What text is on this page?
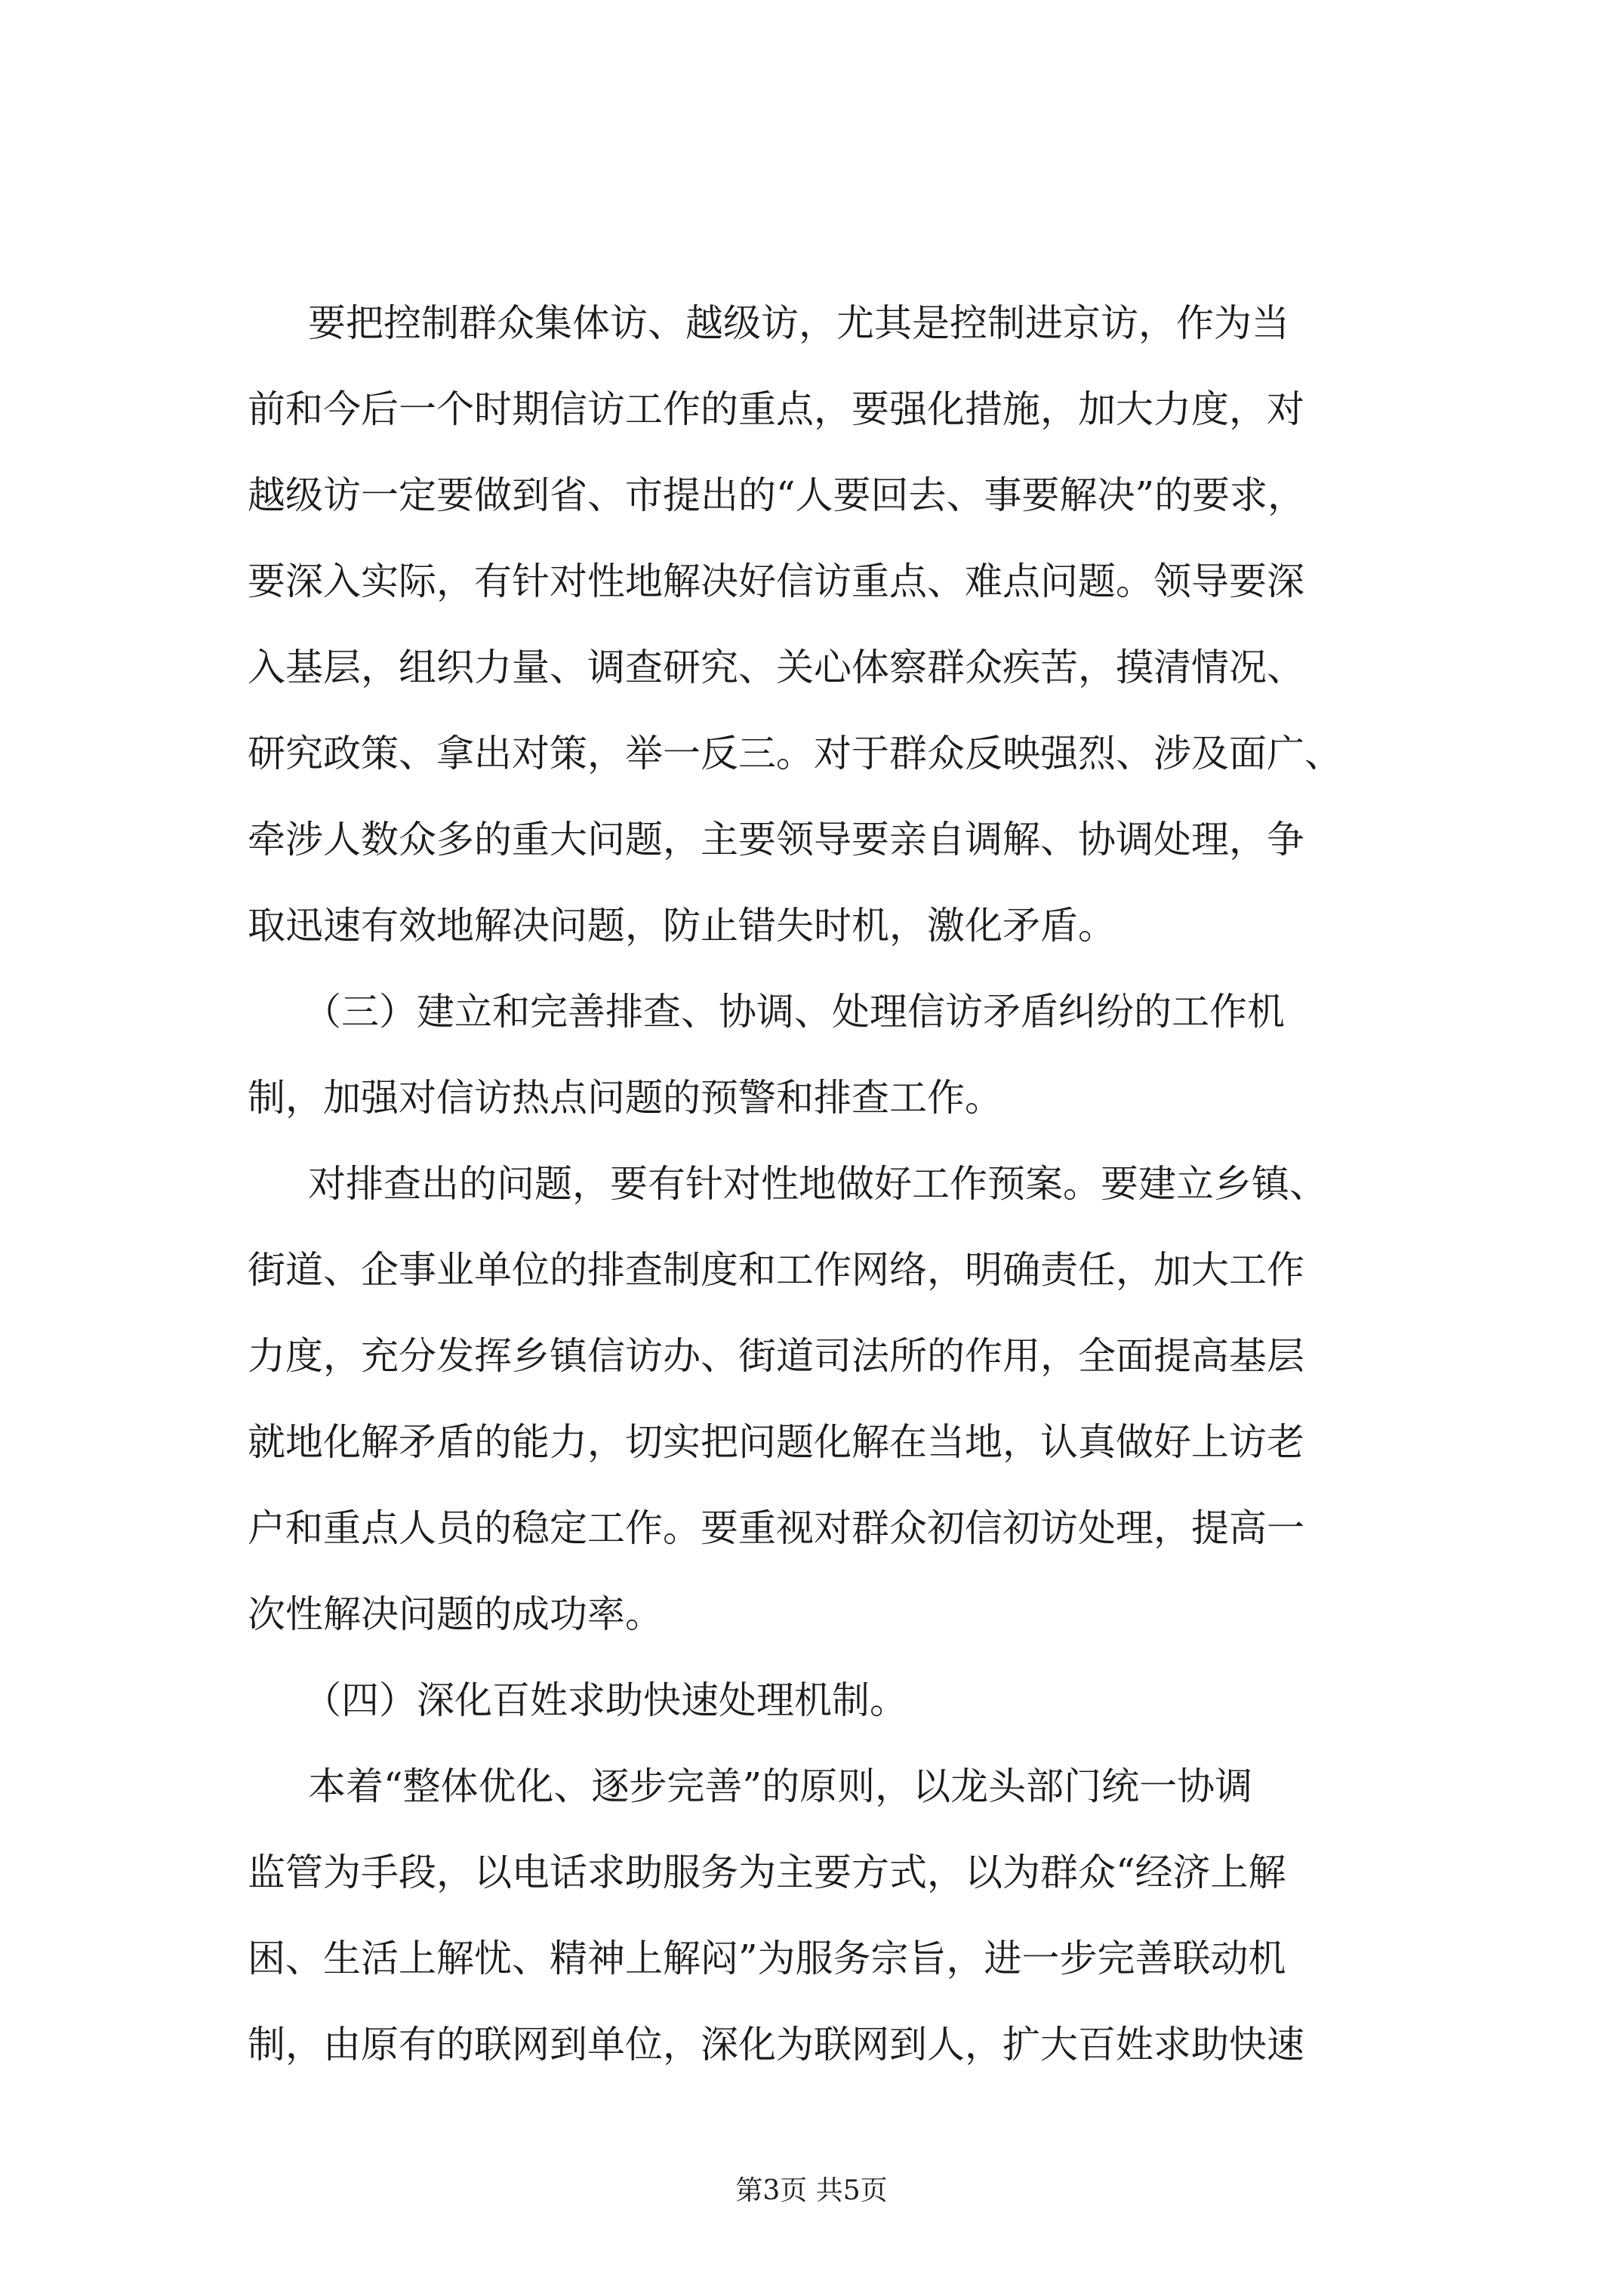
要把控制群众集体访、越级访，尤其是控制进京访，作为当
前和今后一个时期信访工作的重点，要强化措施，加大力度，对
越级访一定要做到省、市提出的“人要回去、事要解决”的要求，
要深入实际，有针对性地解决好信访重点、难点问题。领导要深
入基层，组织力量、调查研究、关心体察群众疾苦，摸清情况、
研究政策、拿出对策，举一反三。对于群众反映强烈、涉及面广、
牵涉人数众多的重大问题，主要领导要亲自调解、协调处理，争
取迅速有效地解决问题，防止错失时机，激化矛盾。
（三）建立和完善排查、协调、处理信访矛盾纠纷的工作机
制，加强对信访热点问题的预警和排查工作。
对排查出的问题，要有针对性地做好工作预案。要建立乡镇、
街道、企事业单位的排查制度和工作网络，明确责任，加大工作
力度，充分发挥乡镇信访办、街道司法所的作用，全面提高基层
就地化解矛盾的能力，切实把问题化解在当地，认真做好上访老
户和重点人员的稳定工作。要重视对群众初信初访处理，提高一
次性解决问题的成功率。
（四）深化百姓求助快速处理机制。
本着“整体优化、逐步完善”的原则，以龙头部门统一协调
监管为手段，以电话求助服务为主要方式，以为群众“经济上解
困、生活上解忧、精神上解闷”为服务宗旨，进一步完善联动机
制，由原有的联网到单位，深化为联网到人，扩大百姓求助快速
第3页 共5页
